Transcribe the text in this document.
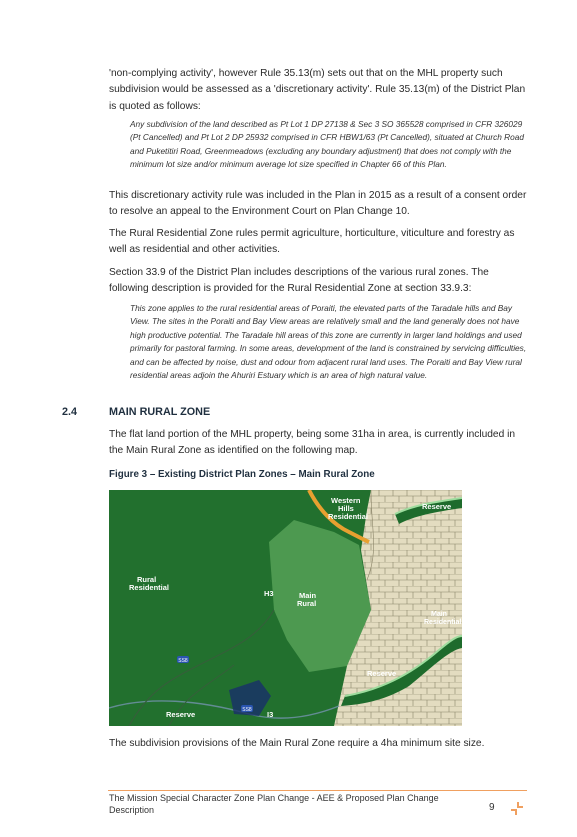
'non-complying activity', however Rule 35.13(m) sets out that on the MHL property such subdivision would be assessed as a 'discretionary activity'. Rule 35.13(m) of the District Plan is quoted as follows:

Any subdivision of the land described as Pt Lot 1 DP 27138 & Sec 3 SO 365528 comprised in CFR 326029 (Pt Cancelled) and Pt Lot 2 DP 25932 comprised in CFR HBW1/63 (Pt Cancelled), situated at Church Road and Puketitiri Road, Greenmeadows (excluding any boundary adjustment) that does not comply with the minimum lot size and/or minimum average lot size specified in Chapter 66 of this Plan.

This discretionary activity rule was included in the Plan in 2015 as a result of a consent order to resolve an appeal to the Environment Court on Plan Change 10.

The Rural Residential Zone rules permit agriculture, horticulture, viticulture and forestry as well as residential and other activities.

Section 33.9 of the District Plan includes descriptions of the various rural zones. The following description is provided for the Rural Residential Zone at section 33.9.3:

This zone applies to the rural residential areas of Poraiti, the elevated parts of the Taradale hills and Bay View. The sites in the Poraiti and Bay View areas are relatively small and the land generally does not have high productive potential. The Taradale hill areas of this zone are currently in larger land holdings and used primarily for pastoral farming. In some areas, development of the land is constrained by servicing difficulties, and can be affected by noise, dust and odour from adjacent rural land uses. The Poraiti and Bay View rural residential areas adjoin the Ahuriri Estuary which is an area of high natural value.

2.4	MAIN RURAL ZONE

The flat land portion of the MHL property, being some 31ha in area, is currently included in the Main Rural Zone as identified on the following map.

Figure 3 – Existing District Plan Zones – Main Rural Zone

Western
Hills
Residential
Reserve
Rural
Residential
H3	Main
Rural
Main
Residential
Reserve
Reserve	I3
SS8
SS8

The subdivision provisions of the Main Rural Zone require a 4ha minimum site size.

The Mission Special Character Zone Plan Change - AEE & Proposed Plan Change Description	9
